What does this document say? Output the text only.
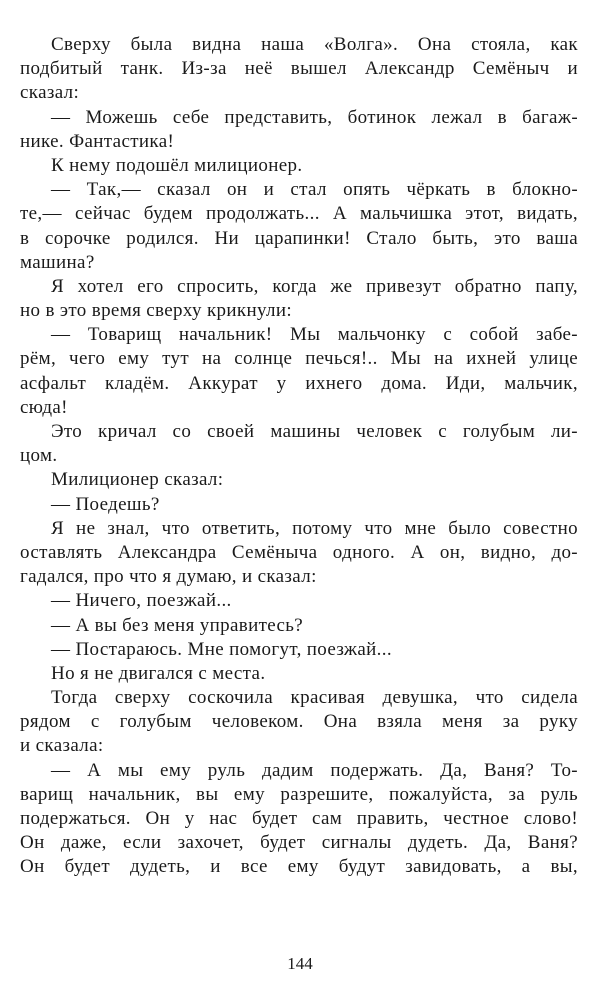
Сверху была видна наша «Волга». Она стояла, как
подбитый танк. Из-за неё вышел Александр Семёныч и
сказал:
— Можешь себе представить, ботинок лежал в багаж-
нике. Фантастика!
К нему подошёл милиционер.
— Так,— сказал он и стал опять чёркать в блокно-
те,— сейчас будем продолжать... А мальчишка этот, видать,
в сорочке родился. Ни царапинки! Стало быть, это ваша
машина?
Я хотел его спросить, когда же привезут обратно папу,
но в это время сверху крикнули:
— Товарищ начальник! Мы мальчонку с собой забе-
рём, чего ему тут на солнце печься!.. Мы на ихней улице
асфальт кладём. Аккурат у ихнего дома. Иди, мальчик,
сюда!
Это кричал со своей машины человек с голубым ли-
цом.
Милиционер сказал:
— Поедешь?
Я не знал, что ответить, потому что мне было совестно
оставлять Александра Семёныча одного. А он, видно, до-
гадался, про что я думаю, и сказал:
— Ничего, поезжай...
— А вы без меня управитесь?
— Постараюсь. Мне помогут, поезжай...
Но я не двигался с места.
Тогда сверху соскочила красивая девушка, что сидела
рядом с голубым человеком. Она взяла меня за руку
и сказала:
— А мы ему руль дадим подержать. Да, Ваня? То-
варищ начальник, вы ему разрешите, пожалуйста, за руль
подержаться. Он у нас будет сам править, честное слово!
Он даже, если захочет, будет сигналы дудеть. Да, Ваня?
Он будет дудеть, и все ему будут завидовать, а вы,
144
